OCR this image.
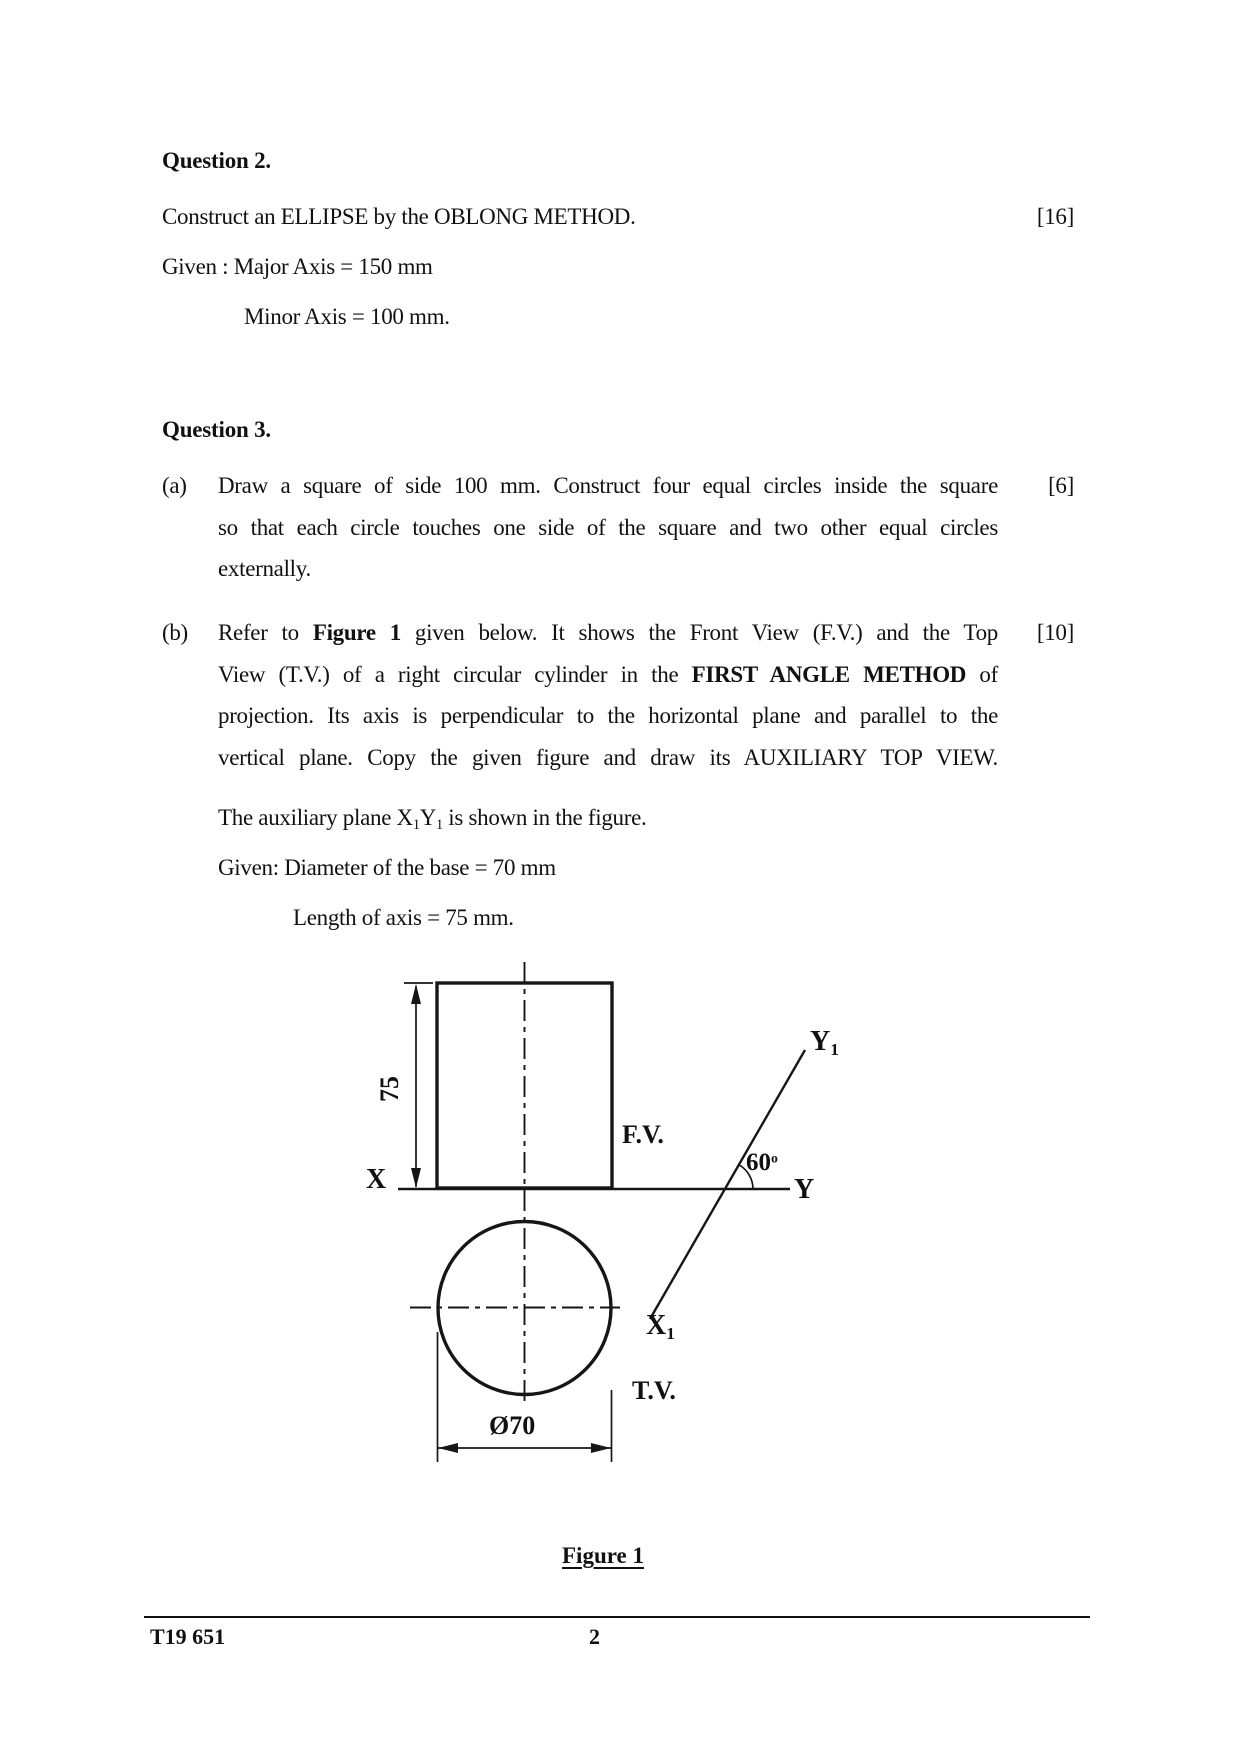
Question 2.
Construct an ELLIPSE by the OBLONG METHOD.	[16]
Given : Major Axis = 150 mm
Minor Axis = 100 mm.
Question 3.
(a) Draw a square of side 100 mm. Construct four equal circles inside the square
so that each circle touches one side of the square and two other equal circles
externally.
[6]
(b) Refer to Figure 1 given below. It shows the Front View (F.V.) and the Top
View (T.V.) of a right circular cylinder in the FIRST ANGLE METHOD of
projection. Its axis is perpendicular to the horizontal plane and parallel to the
vertical plane. Copy the given figure and draw its AUXILIARY TOP VIEW.
[10]
The auxiliary plane $X_1Y_1$ is shown in the figure.
Given: Diameter of the base = 70 mm
Length of axis = 75 mm.
X	Y
$Y_1$
$X_1$
F.V.
T.V.
60$^o$
75
Ø70
Figure 1
T19 651	2
